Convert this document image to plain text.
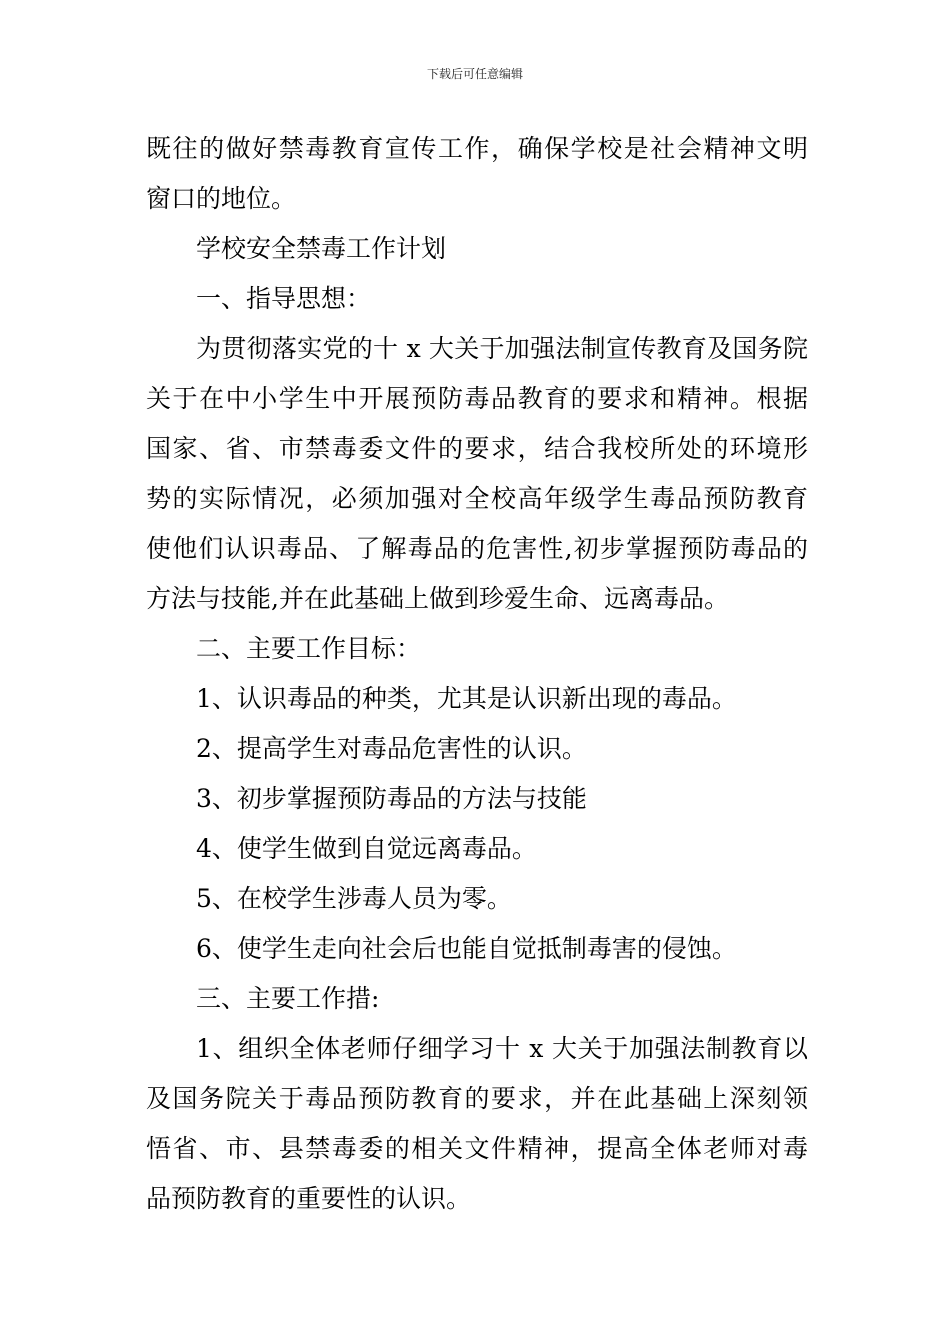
下载后可任意编辑
既往的做好禁毒教育宣传工作，确保学校是社会精神文明
窗口的地位。
学校安全禁毒工作计划
一、指导思想：
为贯彻落实党的十 x 大关于加强法制宣传教育及国务院
关于在中小学生中开展预防毒品教育的要求和精神。根据
国家、省、市禁毒委文件的要求，结合我校所处的环境形
势的实际情况，必须加强对全校高年级学生毒品预防教育
使他们认识毒品、了解毒品的危害性,初步掌握预防毒品的
方法与技能,并在此基础上做到珍爱生命、远离毒品。
二、主要工作目标：
1、认识毒品的种类，尤其是认识新出现的毒品。
2、提高学生对毒品危害性的认识。
3、初步掌握预防毒品的方法与技能
4、使学生做到自觉远离毒品。
5、在校学生涉毒人员为零。
6、使学生走向社会后也能自觉抵制毒害的侵蚀。
三、主要工作措:
1、组织全体老师仔细学习十 x 大关于加强法制教育以
及国务院关于毒品预防教育的要求，并在此基础上深刻领
悟省、市、县禁毒委的相关文件精神，提高全体老师对毒
品预防教育的重要性的认识。
